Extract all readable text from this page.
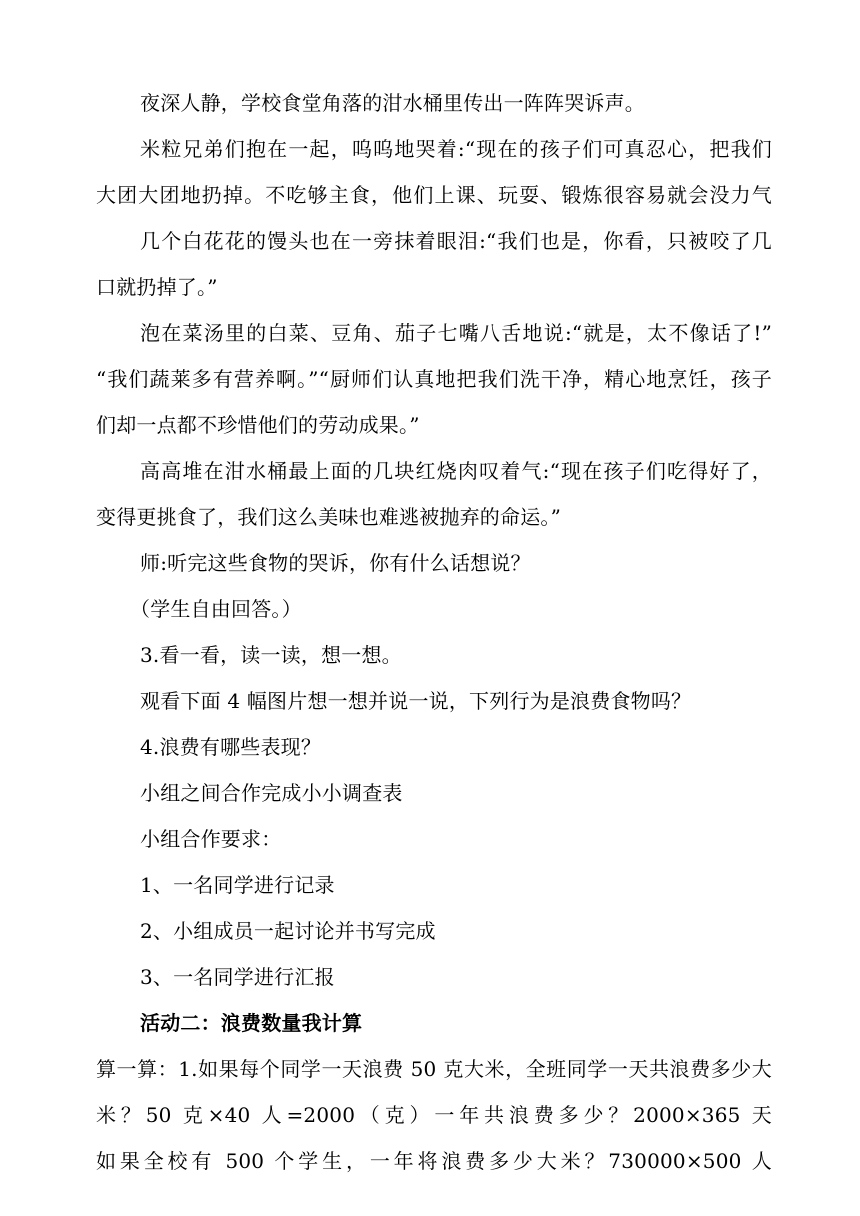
夜深人静，学校食堂角落的泔水桶里传出一阵阵哭诉声。
米粒兄弟们抱在一起，呜呜地哭着:“现在的孩子们可真忍心，把我们
大团大团地扔掉。不吃够主食，他们上课、玩耍、锻炼很容易就会没力气
几个白花花的馒头也在一旁抹着眼泪:“我们也是，你看，只被咬了几
口就扔掉了。”
泡在菜汤里的白菜、豆角、茄子七嘴八舌地说:“就是，太不像话了!”
“我们蔬莱多有营养啊。”“厨师们认真地把我们洗干净，精心地烹饪，孩子
们却一点都不珍惜他们的劳动成果。”
高高堆在泔水桶最上面的几块红烧肉叹着气:“现在孩子们吃得好了，
变得更挑食了，我们这么美味也难逃被抛弃的命运。”
师:听完这些食物的哭诉，你有什么话想说？
（学生自由回答。）
3.看一看，读一读，想一想。
观看下面 4 幅图片想一想并说一说，下列行为是浪费食物吗？
4.浪费有哪些表现？
小组之间合作完成小小调查表
小组合作要求：
1、一名同学进行记录
2、小组成员一起讨论并书写完成
3、一名同学进行汇报
活动二：浪费数量我计算
算一算：1.如果每个同学一天浪费 50 克大米，全班同学一天共浪费多少大
米？50 克×40 人=2000（克）一年共浪费多少？2000×365 天
如果全校有 500 个学生，一年将浪费多少大米？730000×500 人
